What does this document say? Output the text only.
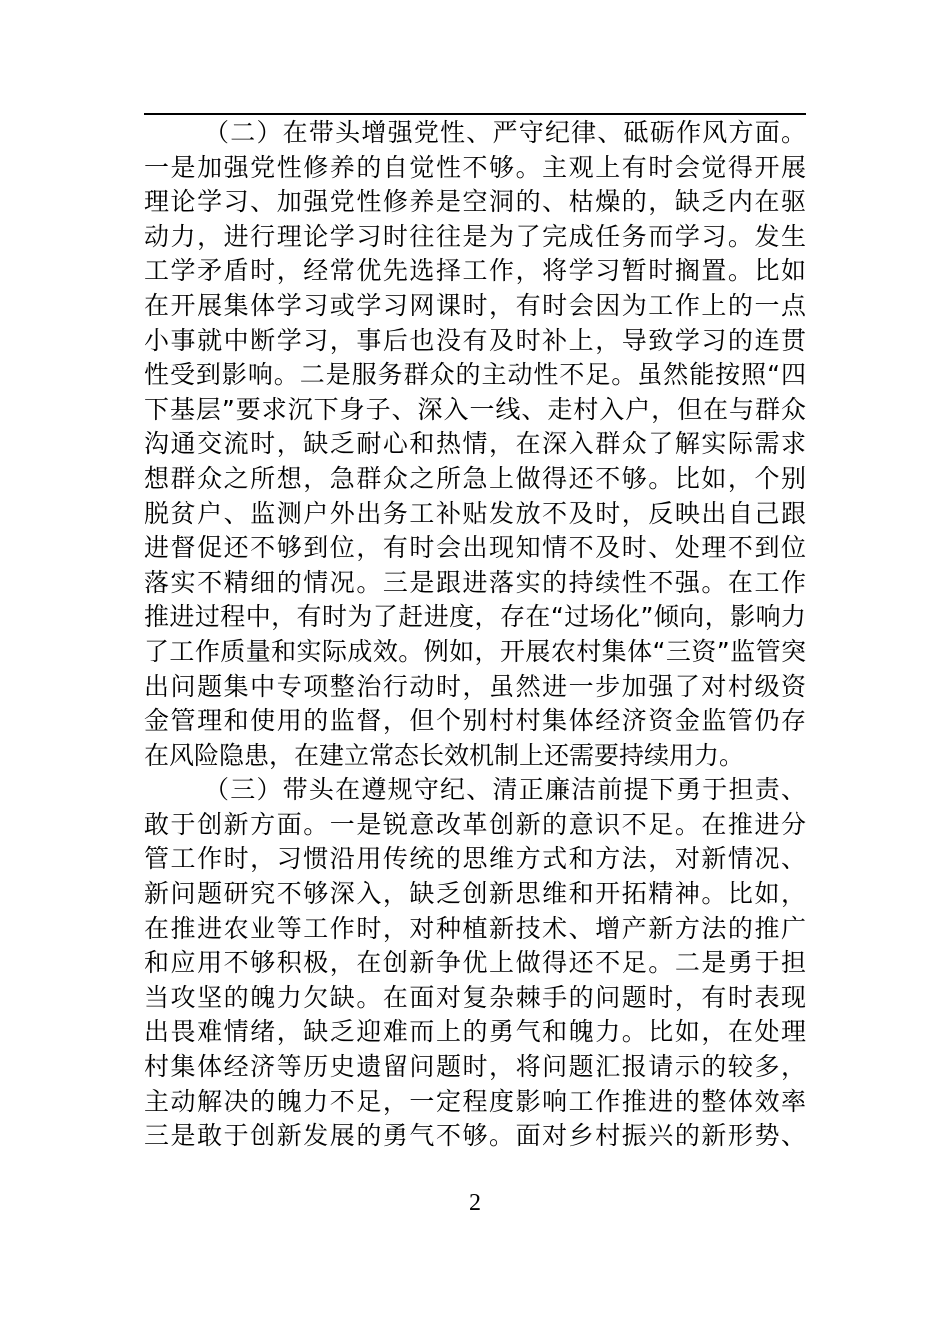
（二）在带头增强党性、严守纪律、砥砺作风方面。
一是加强党性修养的自觉性不够。主观上有时会觉得开展
理论学习、加强党性修养是空洞的、枯燥的，缺乏内在驱
动力，进行理论学习时往往是为了完成任务而学习。发生
工学矛盾时，经常优先选择工作，将学习暂时搁置。比如
在开展集体学习或学习网课时，有时会因为工作上的一点
小事就中断学习，事后也没有及时补上，导致学习的连贯
性受到影响。二是服务群众的主动性不足。虽然能按照“四
下基层”要求沉下身子、深入一线、走村入户，但在与群众
沟通交流时，缺乏耐心和热情，在深入群众了解实际需求
想群众之所想，急群众之所急上做得还不够。比如，个别
脱贫户、监测户外出务工补贴发放不及时，反映出自己跟
进督促还不够到位，有时会出现知情不及时、处理不到位
落实不精细的情况。三是跟进落实的持续性不强。在工作
推进过程中，有时为了赶进度，存在“过场化”倾向，影响力
了工作质量和实际成效。例如，开展农村集体“三资”监管突
出问题集中专项整治行动时，虽然进一步加强了对村级资
金管理和使用的监督，但个别村村集体经济资金监管仍存
在风险隐患，在建立常态长效机制上还需要持续用力。
（三）带头在遵规守纪、清正廉洁前提下勇于担责、
敢于创新方面。一是锐意改革创新的意识不足。在推进分
管工作时，习惯沿用传统的思维方式和方法，对新情况、
新问题研究不够深入，缺乏创新思维和开拓精神。比如，
在推进农业等工作时，对种植新技术、增产新方法的推广
和应用不够积极，在创新争优上做得还不足。二是勇于担
当攻坚的魄力欠缺。在面对复杂棘手的问题时，有时表现
出畏难情绪，缺乏迎难而上的勇气和魄力。比如，在处理
村集体经济等历史遗留问题时，将问题汇报请示的较多，
主动解决的魄力不足，一定程度影响工作推进的整体效率
三是敢于创新发展的勇气不够。面对乡村振兴的新形势、
2
